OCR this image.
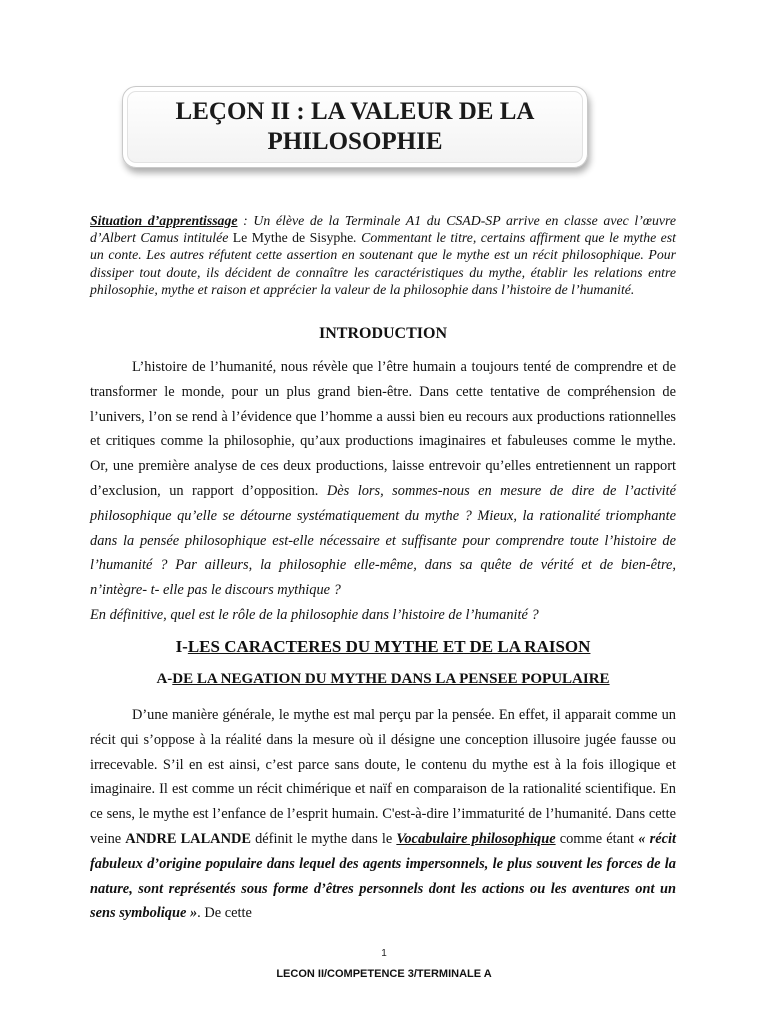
LEÇON II : LA VALEUR DE LA
PHILOSOPHIE
Situation d’apprentissage : Un élève de la Terminale A1 du CSAD-SP arrive en classe avec l’œuvre d’Albert Camus intitulée Le Mythe de Sisyphe. Commentant le titre, certains affirment que le mythe est un conte. Les autres réfutent cette assertion en soutenant que le mythe est un récit philosophique. Pour dissiper tout doute, ils décident de connaître les caractéristiques du mythe, établir les relations entre philosophie, mythe et raison et apprécier la valeur de la philosophie dans l’histoire de l’humanité.
INTRODUCTION
L’histoire de l’humanité, nous révèle que l’être humain a toujours tenté de comprendre et de transformer le monde, pour un plus grand bien-être. Dans cette tentative de compréhension de l’univers, l’on se rend à l’évidence que l’homme a aussi bien eu recours aux productions rationnelles et critiques comme la philosophie, qu’aux productions imaginaires et fabuleuses comme le mythe. Or, une première analyse de ces deux productions, laisse entrevoir qu’elles entretiennent un rapport d’exclusion, un rapport d’opposition. Dès lors, sommes-nous en mesure de dire de l’activité philosophique qu’elle se détourne systématiquement du mythe ? Mieux, la rationalité triomphante dans la pensée philosophique est-elle nécessaire et suffisante pour comprendre toute l’histoire de l’humanité ? Par ailleurs, la philosophie elle-même, dans sa quête de vérité et de bien-être, n’intègre- t- elle pas le discours mythique ?
En définitive, quel est le rôle de la philosophie dans l’histoire de l’humanité ?
I-LES CARACTERES DU MYTHE ET DE LA RAISON
A-DE LA NEGATION DU MYTHE DANS LA PENSEE POPULAIRE
D’une manière générale, le mythe est mal perçu par la pensée. En effet, il apparait comme un récit qui s’oppose à la réalité dans la mesure où il désigne une conception illusoire jugée fausse ou irrecevable. S’il en est ainsi, c’est parce sans doute, le contenu du mythe est à la fois illogique et imaginaire. Il est comme un récit chimérique et naïf en comparaison de la rationalité scientifique. En ce sens, le mythe est l’enfance de l’esprit humain. C'est-à-dire l’immaturité de l’humanité. Dans cette veine ANDRE LALANDE définit le mythe dans le Vocabulaire philosophique comme étant « récit fabuleux d’origine populaire dans lequel des agents impersonnels, le plus souvent les forces de la nature, sont représentés sous forme d’êtres personnels dont les actions ou les aventures ont un sens symbolique ». De cette
1
LECON II/COMPETENCE 3/TERMINALE A
